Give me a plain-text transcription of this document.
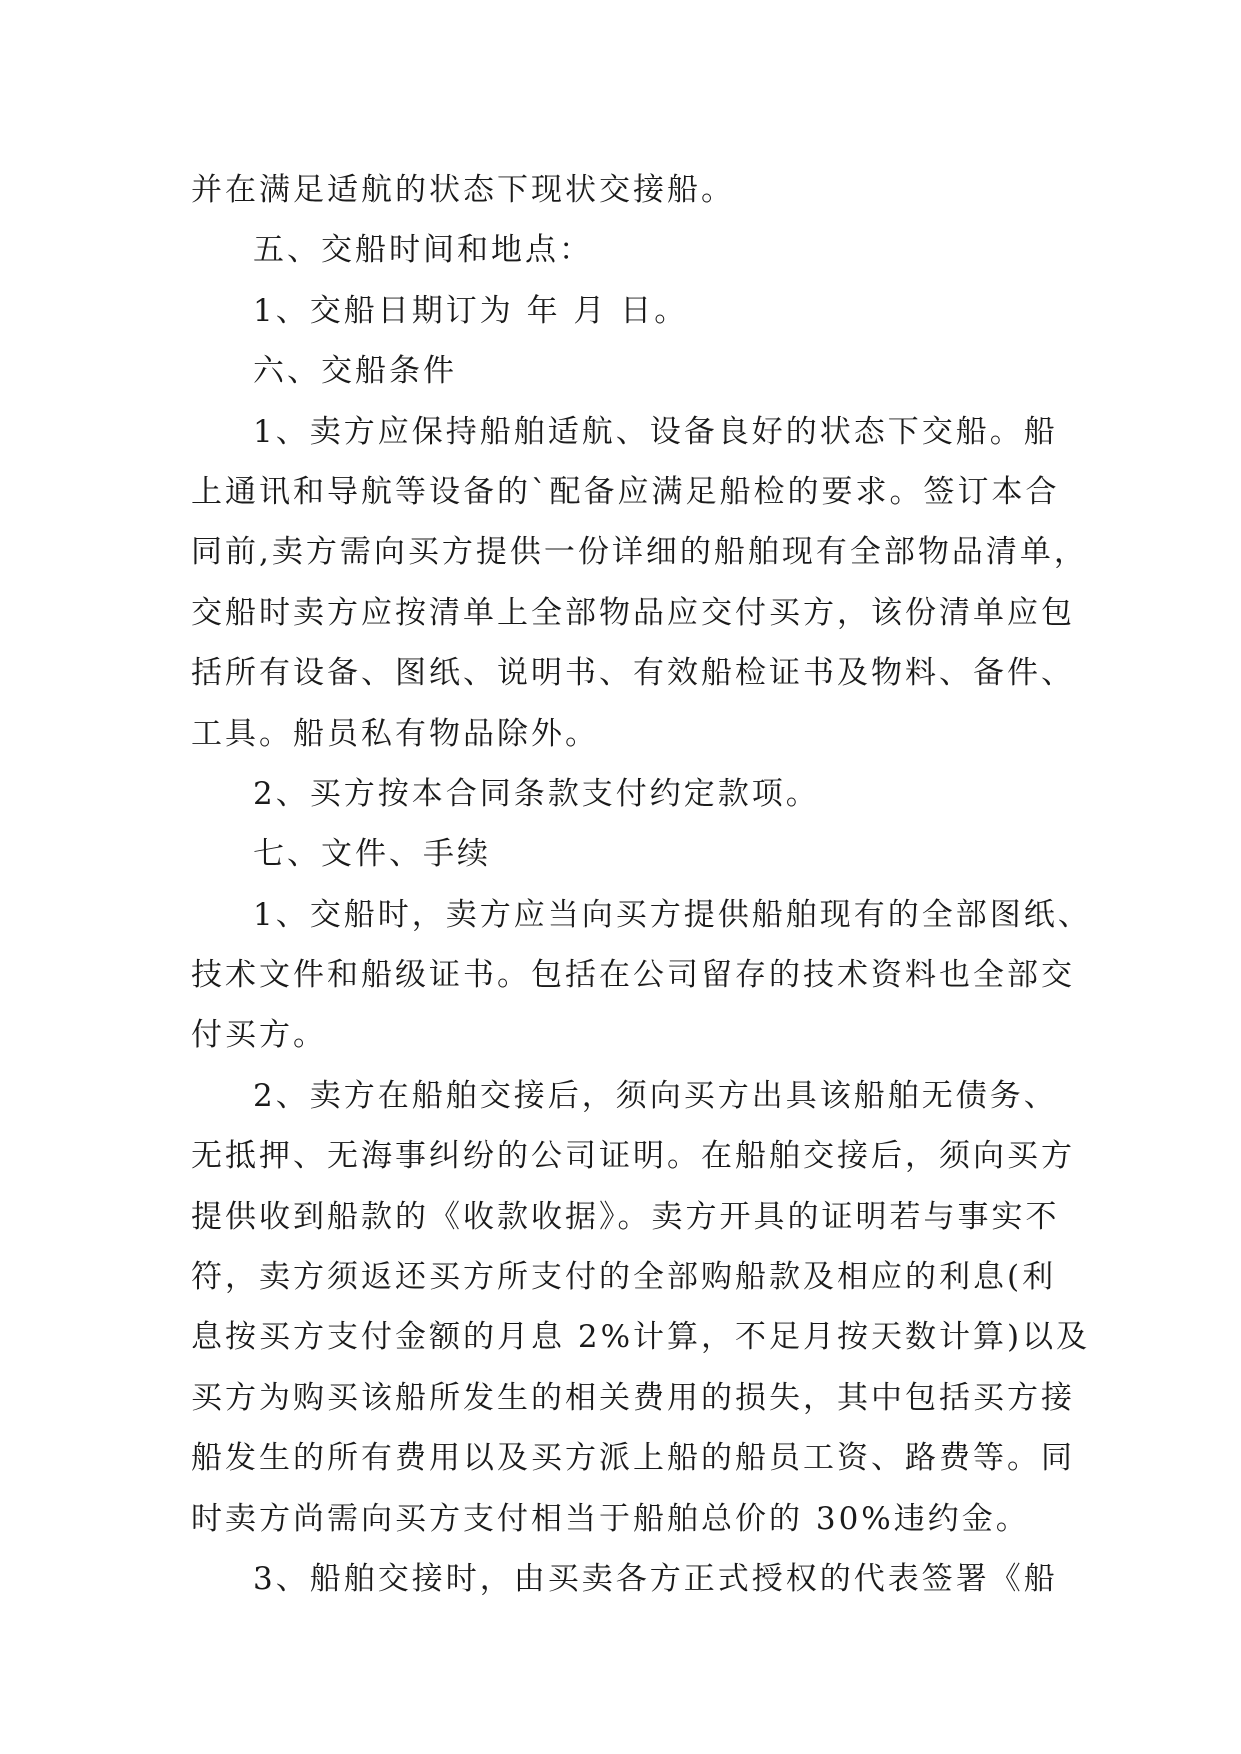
并在满足适航的状态下现状交接船。
五、交船时间和地点：
1、交船日期订为 年 月 日。
六、交船条件
1、卖方应保持船舶适航、设备良好的状态下交船。船
上通讯和导航等设备的`配备应满足船检的要求。签订本合
同前,卖方需向买方提供一份详细的船舶现有全部物品清单，
交船时卖方应按清单上全部物品应交付买方，该份清单应包
括所有设备、图纸、说明书、有效船检证书及物料、备件、
工具。船员私有物品除外。
2、买方按本合同条款支付约定款项。
七、文件、手续
1、交船时，卖方应当向买方提供船舶现有的全部图纸、
技术文件和船级证书。包括在公司留存的技术资料也全部交
付买方。
2、卖方在船舶交接后，须向买方出具该船舶无债务、
无抵押、无海事纠纷的公司证明。在船舶交接后，须向买方
提供收到船款的《收款收据》。卖方开具的证明若与事实不
符，卖方须返还买方所支付的全部购船款及相应的利息(利
息按买方支付金额的月息 2%计算，不足月按天数计算)以及
买方为购买该船所发生的相关费用的损失，其中包括买方接
船发生的所有费用以及买方派上船的船员工资、路费等。同
时卖方尚需向买方支付相当于船舶总价的 30%违约金。
3、船舶交接时，由买卖各方正式授权的代表签署《船
